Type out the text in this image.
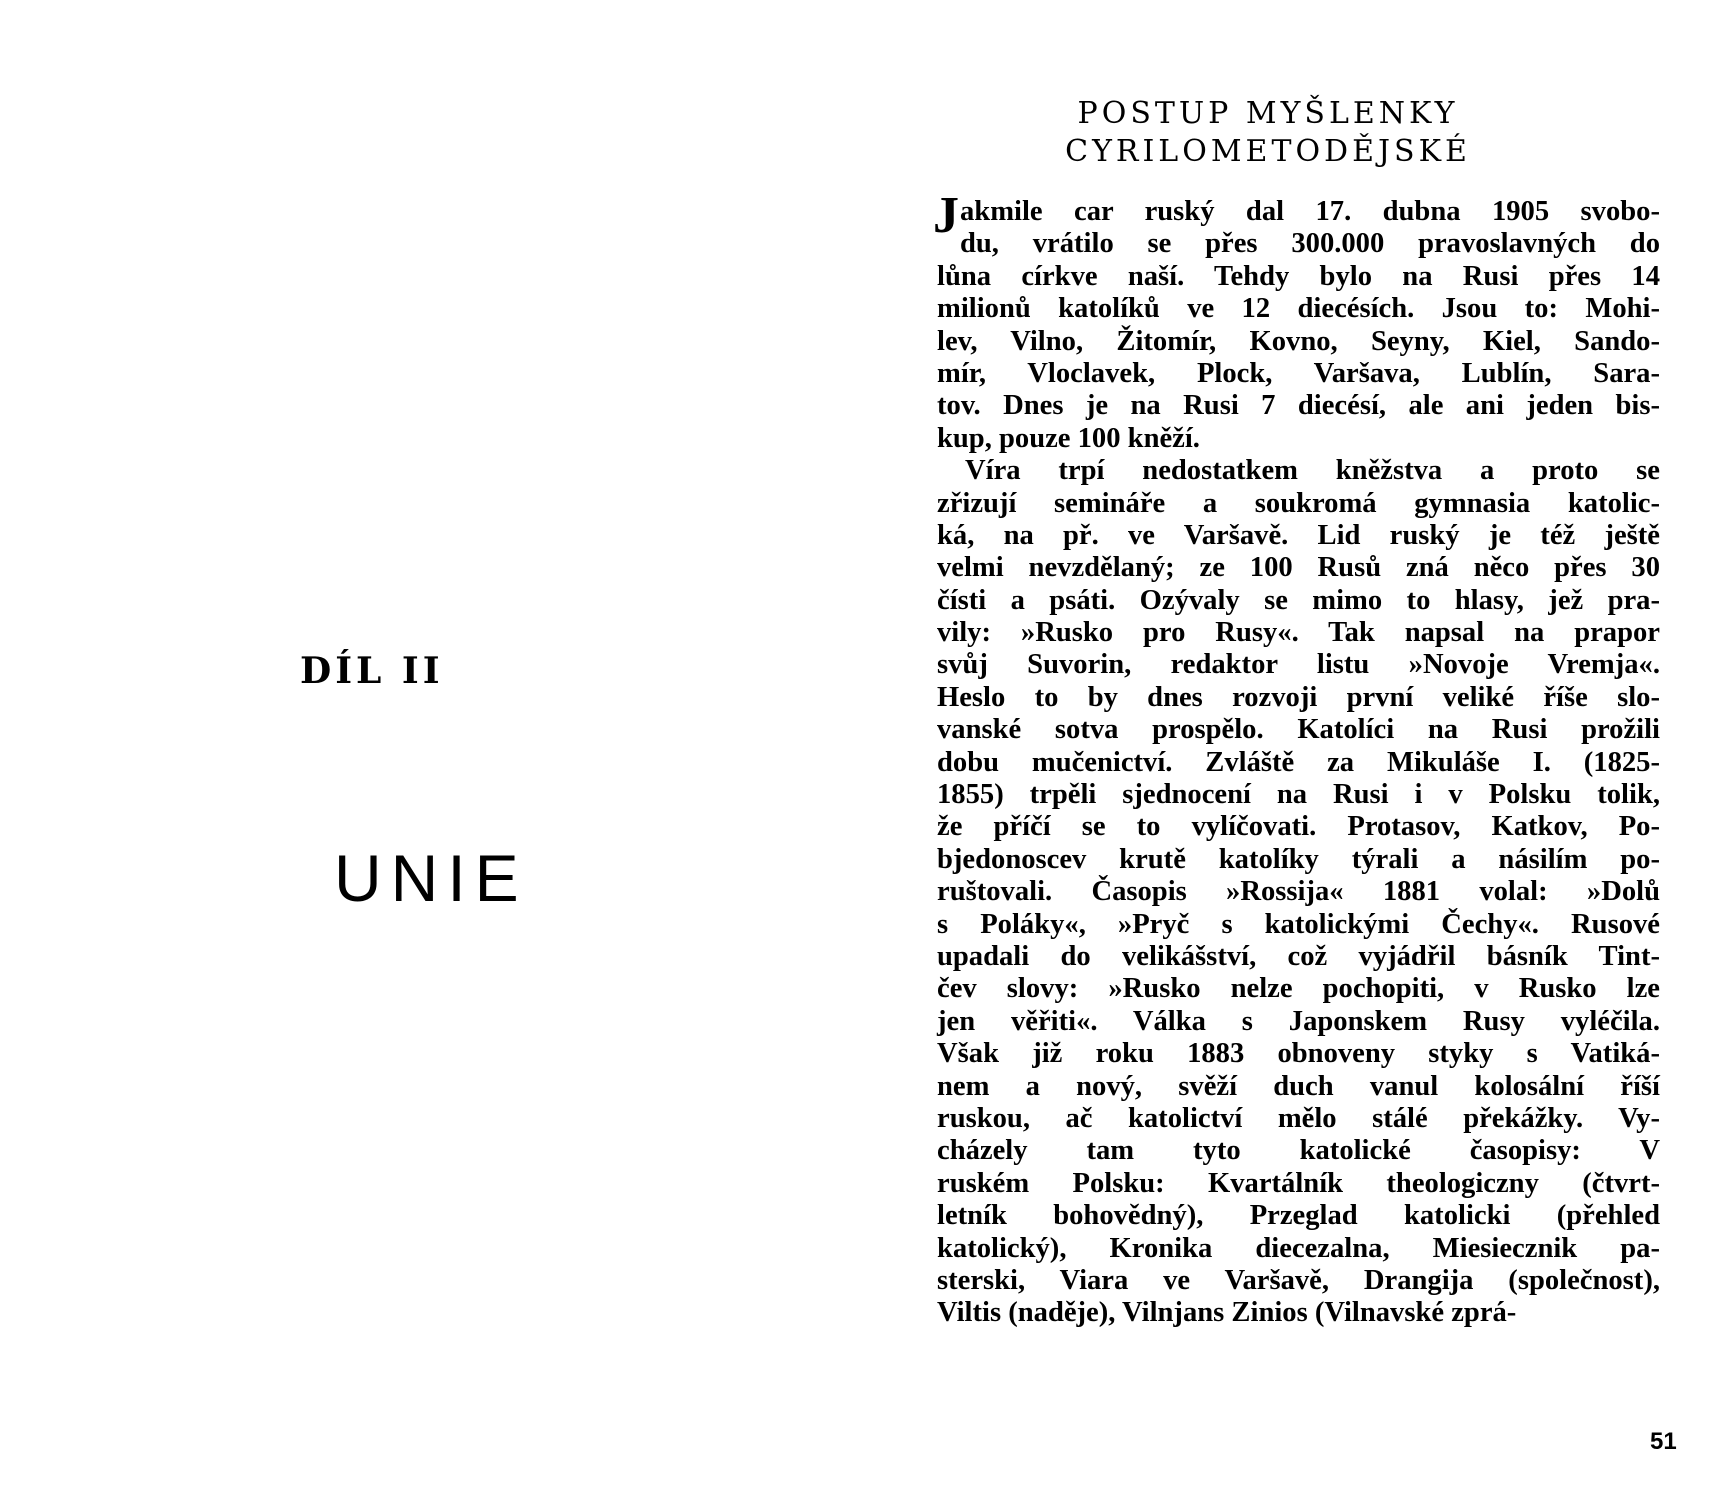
DÍL II
UNIE
POSTUP MYŠLENKY
CYRILOMETODĚJSKÉ
J akmile car ruský dal 17. dubna 1905 svobo-
du, vrátilo se přes 300.000 pravoslavných do
lůna církve naší. Tehdy bylo na Rusi přes 14
milionů katolíků ve 12 diecésích. Jsou to: Mohi-
lev, Vilno, Žitomír, Kovno, Seyny, Kiel, Sando-
mír, Vloclavek, Plock, Varšava, Lublín, Sara-
tov. Dnes je na Rusi 7 diecésí, ale ani jeden bis-
kup, pouze 100 kněží.
Víra trpí nedostatkem kněžstva a proto se
zřizují semináře a soukromá gymnasia katolic-
ká, na př. ve Varšavě. Lid ruský je též ještě
velmi nevzdělaný; ze 100 Rusů zná něco přes 30
čísti a psáti. Ozývaly se mimo to hlasy, jež pra-
vily: »Rusko pro Rusy«. Tak napsal na prapor
svůj Suvorin, redaktor listu »Novoje Vremja«.
Heslo to by dnes rozvoji první veliké říše slo-
vanské sotva prospělo. Katolíci na Rusi prožili
dobu mučenictví. Zvláště za Mikuláše I. (1825-
1855) trpěli sjednocení na Rusi i v Polsku tolik,
že příčí se to vylíčovati. Protasov, Katkov, Po-
bjedonoscev krutě katolíky týrali a násilím po-
ruštovali. Časopis »Rossija« 1881 volal: »Dolů
s Poláky«, »Pryč s katolickými Čechy«. Rusové
upadali do velikášství, což vyjádřil básník Tint-
čev slovy: »Rusko nelze pochopiti, v Rusko lze
jen věřiti«. Válka s Japonskem Rusy vyléčila.
Však již roku 1883 obnoveny styky s Vatiká-
nem a nový, svěží duch vanul kolosální říší
ruskou, ač katolictví mělo stálé překážky. Vy-
cházely tam tyto katolické časopisy: V
ruském Polsku: Kvartálník theologiczny (čtvrt-
letník bohovědný), Przeglad katolicki (přehled
katolický), Kronika diecezalna, Miesiecznik pa-
sterski, Viara ve Varšavě, Drangija (společnost),
Viltis (naděje), Vilnjans Zinios (Vilnavské zprá-
51
